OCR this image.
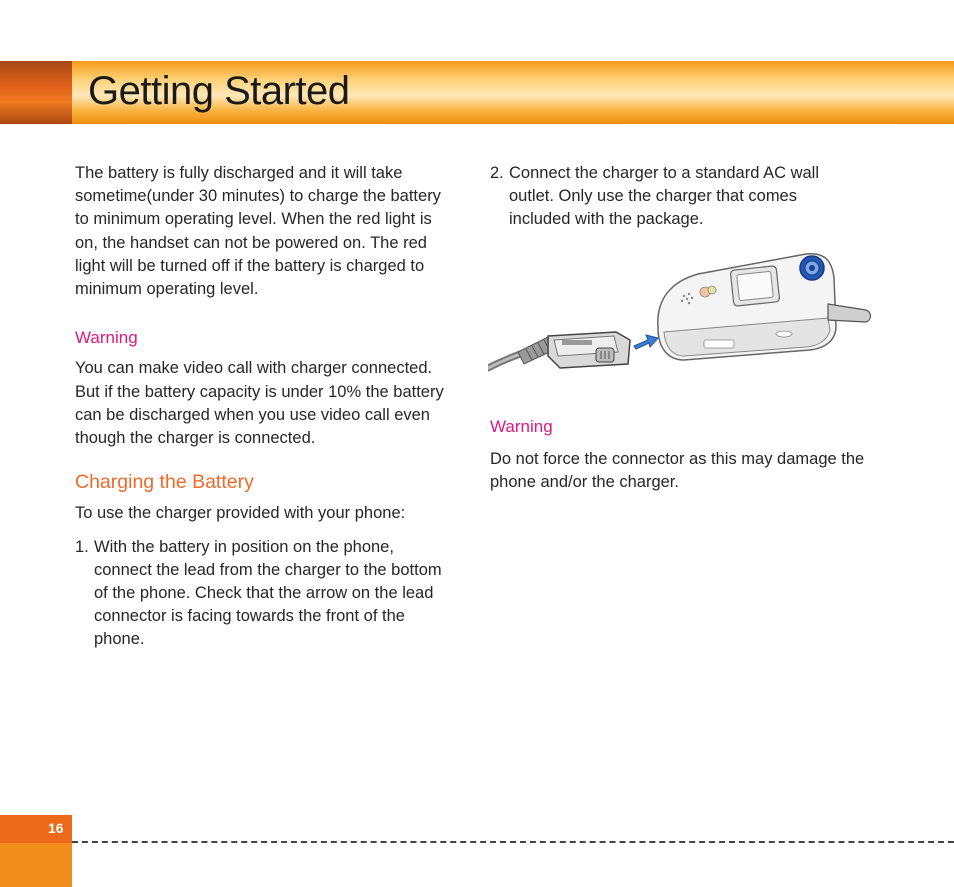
Getting Started

The battery is fully discharged and it will take sometime(under 30 minutes) to charge the battery to minimum operating level. When the red light is on, the handset can not be powered on. The red light will be turned off if the battery is charged to minimum operating level.

Warning

You can make video call with charger connected.

But if the battery capacity is under 10% the battery can be discharged when you use video call even though the charger is connected.

Charging the Battery

To use the charger provided with your phone:

1. With the battery in position on the phone, connect the lead from the charger to the bottom of the phone. Check that the arrow on the lead connector is facing towards the front of the phone.
2. Connect the charger to a standard AC wall outlet. Only use the charger that comes included with the package.

Warning

Do not force the connector as this may damage the phone and/or the charger.

16
